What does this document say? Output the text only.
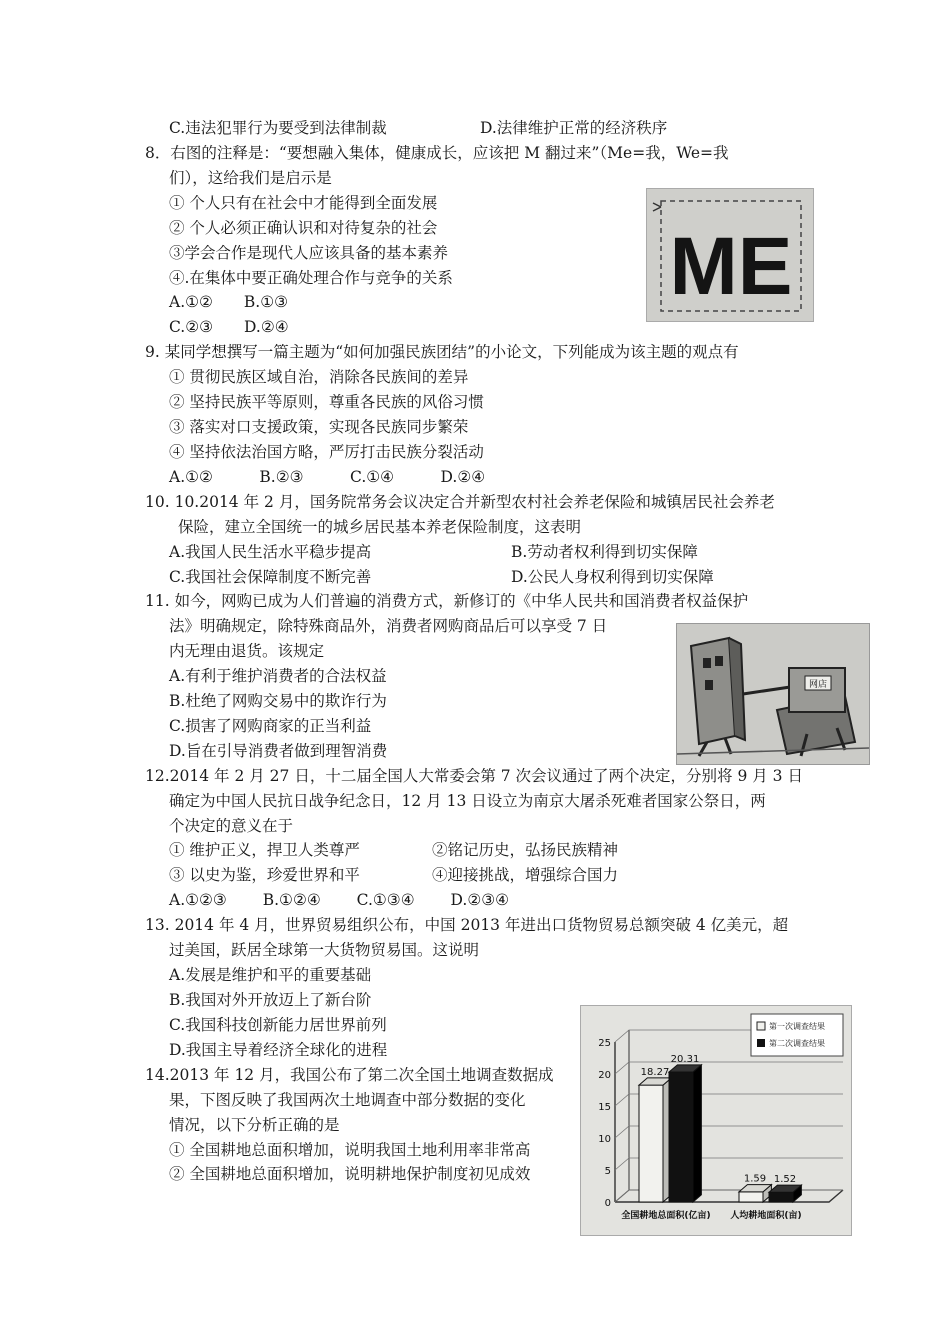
C.违法犯罪行为要受到法律制裁	D.法律维护正常的经济秩序
8．右图的注释是：“要想融入集体，健康成长，应该把 M 翻过来”（Me=我，We=我
们），这给我们是启示是
① 个人只有在社会中才能得到全面发展
② 个人必须正确认识和对待复杂的社会
③学会合作是现代人应该具备的基本素养
④.在集体中要正确处理合作与竞争的关系
A.①②　　B.①③
C.②③　　D.②④
9. 某同学想撰写一篇主题为“如何加强民族团结”的小论文，下列能成为该主题的观点有
① 贯彻民族区域自治，消除各民族间的差异
② 坚持民族平等原则，尊重各民族的风俗习惯
③ 落实对口支援政策，实现各民族同步繁荣
④ 坚持依法治国方略，严厉打击民族分裂活动
A.①②　　　B.②③　　　C.①④　　　D.②④
10. 10.2014 年 2 月，国务院常务会议决定合并新型农村社会养老保险和城镇居民社会养老
保险，建立全国统一的城乡居民基本养老保险制度，这表明
A.我国人民生活水平稳步提高	B.劳动者权利得到切实保障
C.我国社会保障制度不断完善	D.公民人身权利得到切实保障
11. 如今，网购已成为人们普遍的消费方式，新修订的《中华人民共和国消费者权益保护
法》明确规定，除特殊商品外，消费者网购商品后可以享受 7 日
内无理由退货。该规定
A.有利于维护消费者的合法权益
B.杜绝了网购交易中的欺诈行为
C.损害了网购商家的正当利益
D.旨在引导消费者做到理智消费
12.2014 年 2 月 27 日，十二届全国人大常委会第 7 次会议通过了两个决定，分别将 9 月 3 日
确定为中国人民抗日战争纪念日，12 月 13 日设立为南京大屠杀死难者国家公祭日，两
个决定的意义在于
① 维护正义，捍卫人类尊严	②铭记历史，弘扬民族精神
③ 以史为鉴，珍爱世界和平	④迎接挑战，增强综合国力
A.①②③　　 B.①②④　　 C.①③④　　 D.②③④
13. 2014 年 4 月，世界贸易组织公布，中国 2013 年进出口货物贸易总额突破 4 亿美元，超
过美国，跃居全球第一大货物贸易国。这说明
A.发展是维护和平的重要基础
B.我国对外开放迈上了新台阶
C.我国科技创新能力居世界前列
D.我国主导着经济全球化的进程
14.2013 年 12 月，我国公布了第二次全国土地调查数据成
果，下图反映了我国两次土地调查中部分数据的变化
情况，以下分析正确的是
① 全国耕地总面积增加，说明我国土地利用率非常高
② 全国耕地总面积增加，说明耕地保护制度初见成效
ME
网店
0
5
10
15
20
25
18.27
20.31
1.59 1.52
第一次调查结果
第二次调查结果
全国耕地总面积(亿亩) 人均耕地面积(亩)
